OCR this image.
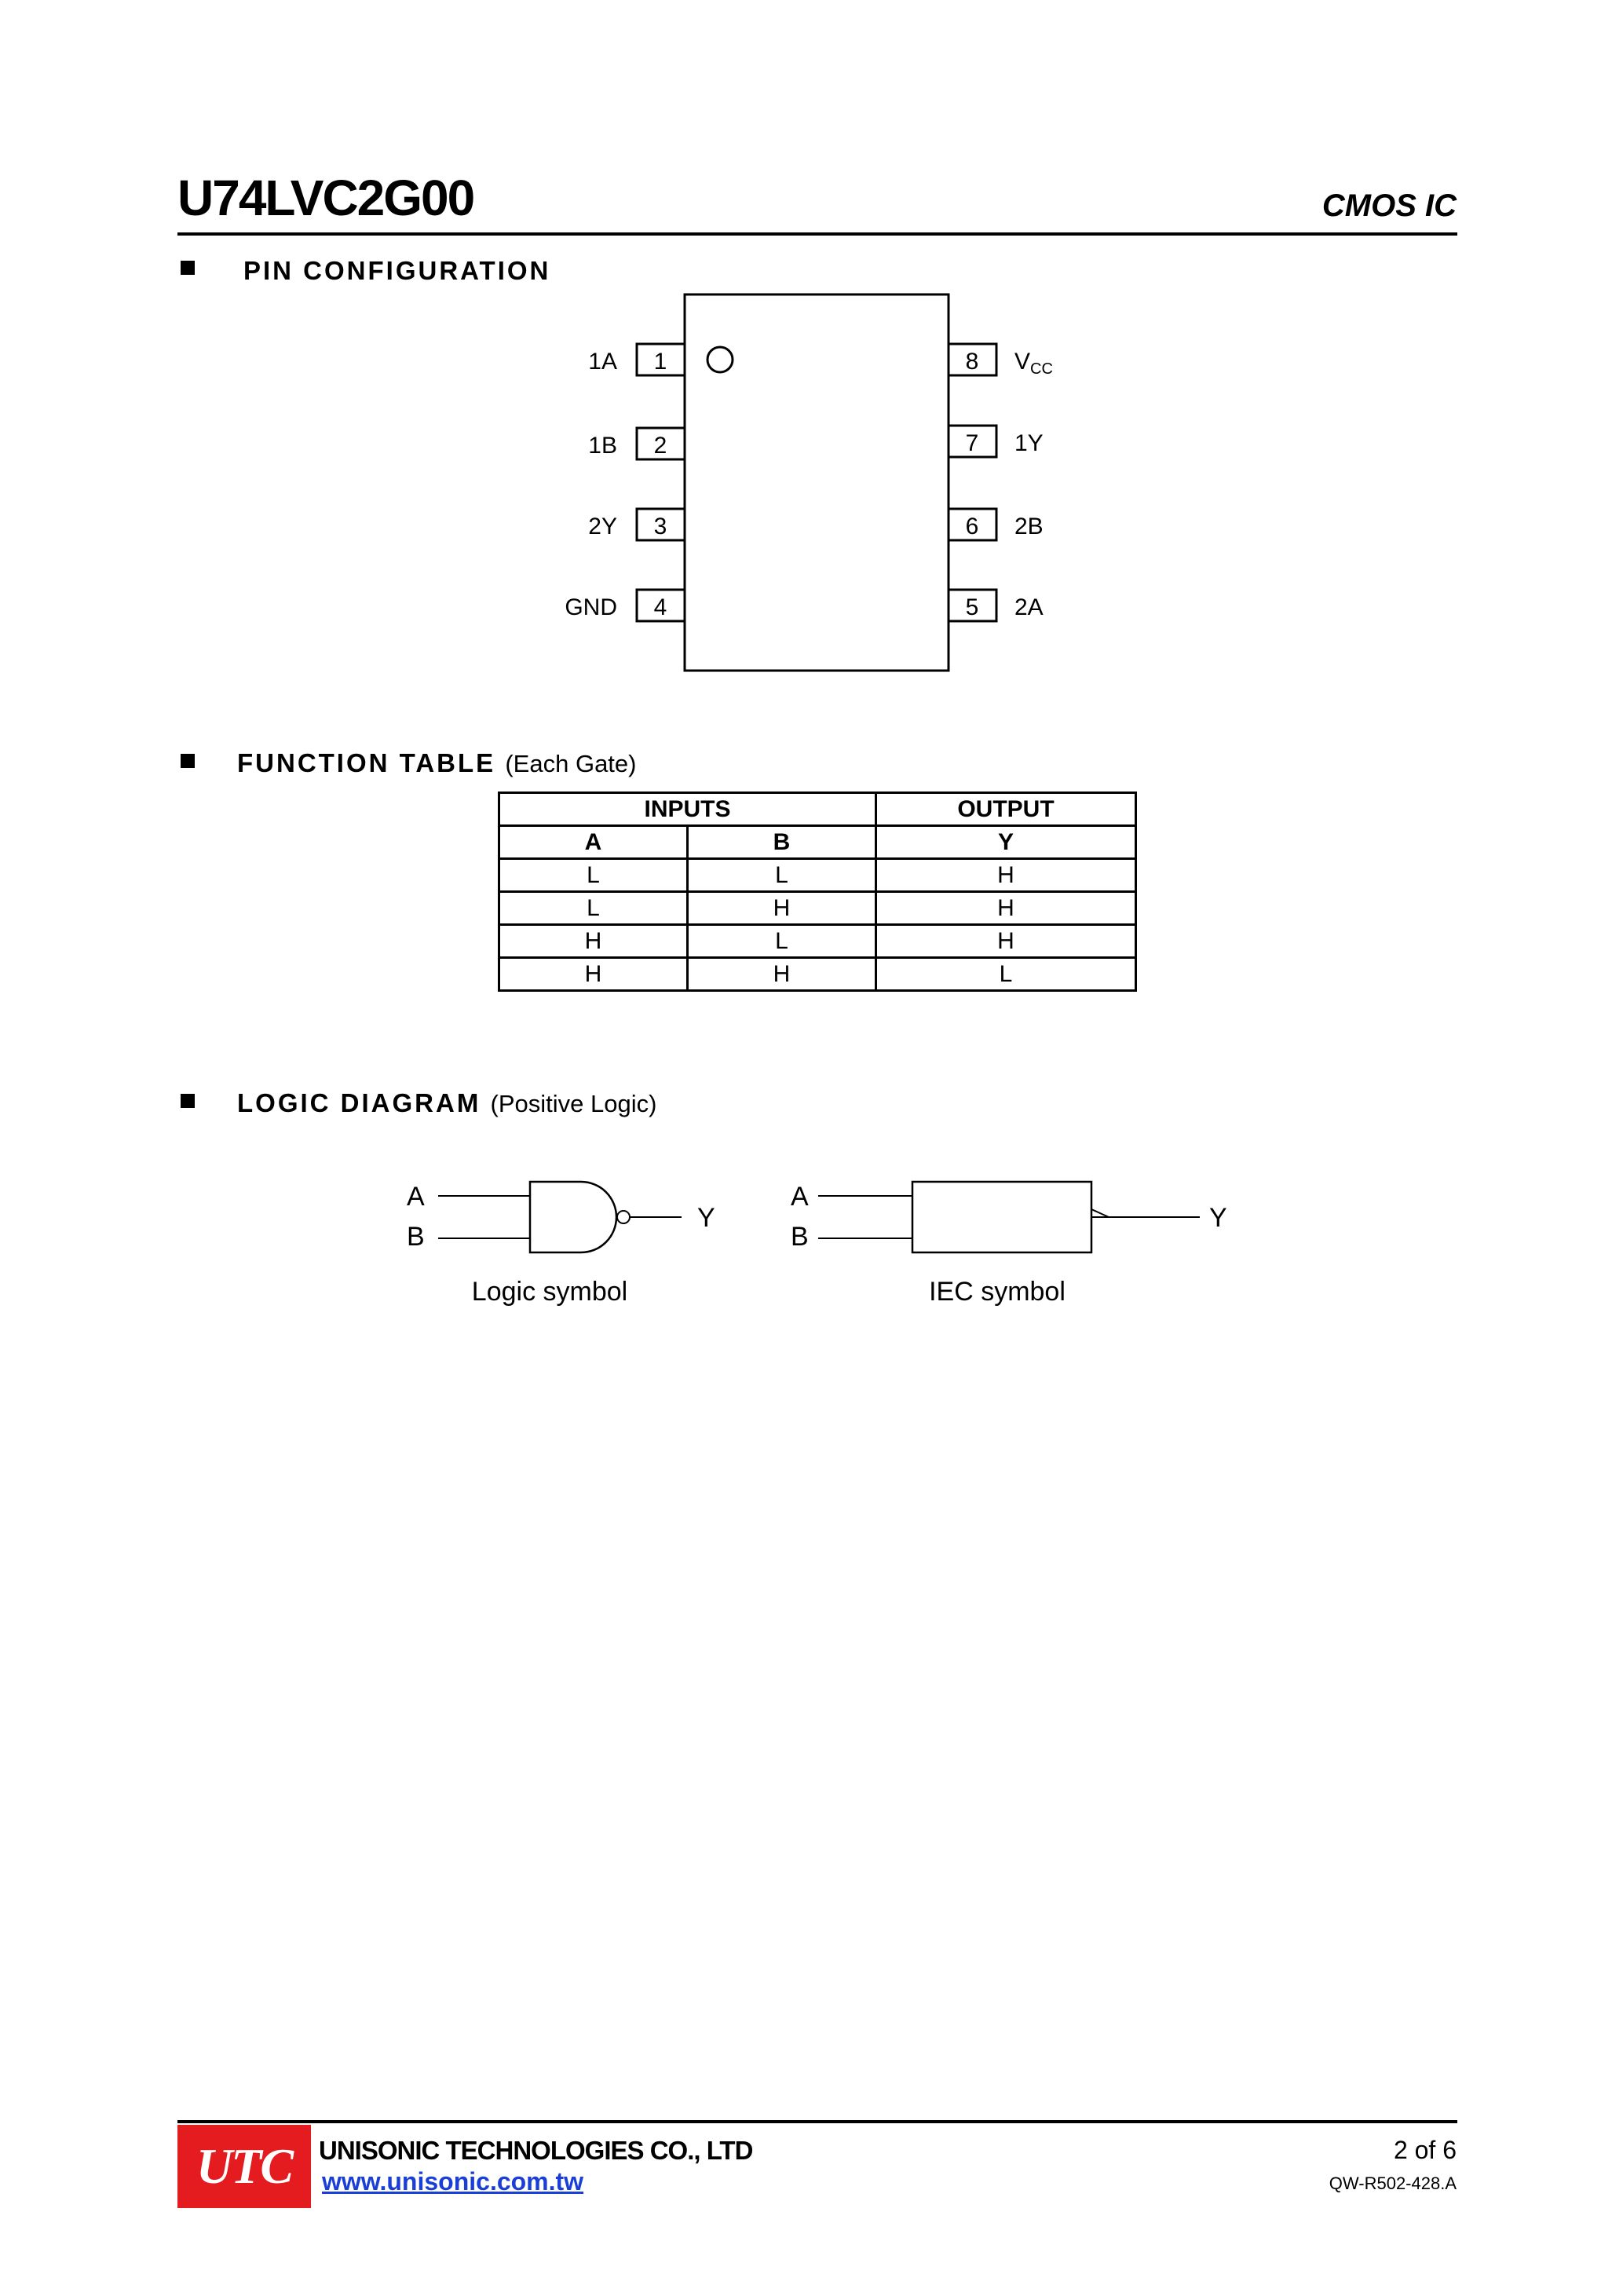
U74LVC2G00	CMOS IC
PIN CONFIGURATION
1
2
3
4
1A
1B
2Y
GND
8
7
6
5
$V_{CC}$
1Y
2B
2A
FUNCTION TABLE (Each Gate)
INPUTS		OUTPUT
A	B	Y
L	L	H
L	H	H
H	L	H
H	H	L
LOGIC DIAGRAM (Positive Logic)
A
B
Y
A
B
Y
Logic symbol	IEC symbol
UTC UNISONIC TECHNOLOGIES CO., LTD
www.unisonic.com.tw
2 of 6
QW-R502-428.A
